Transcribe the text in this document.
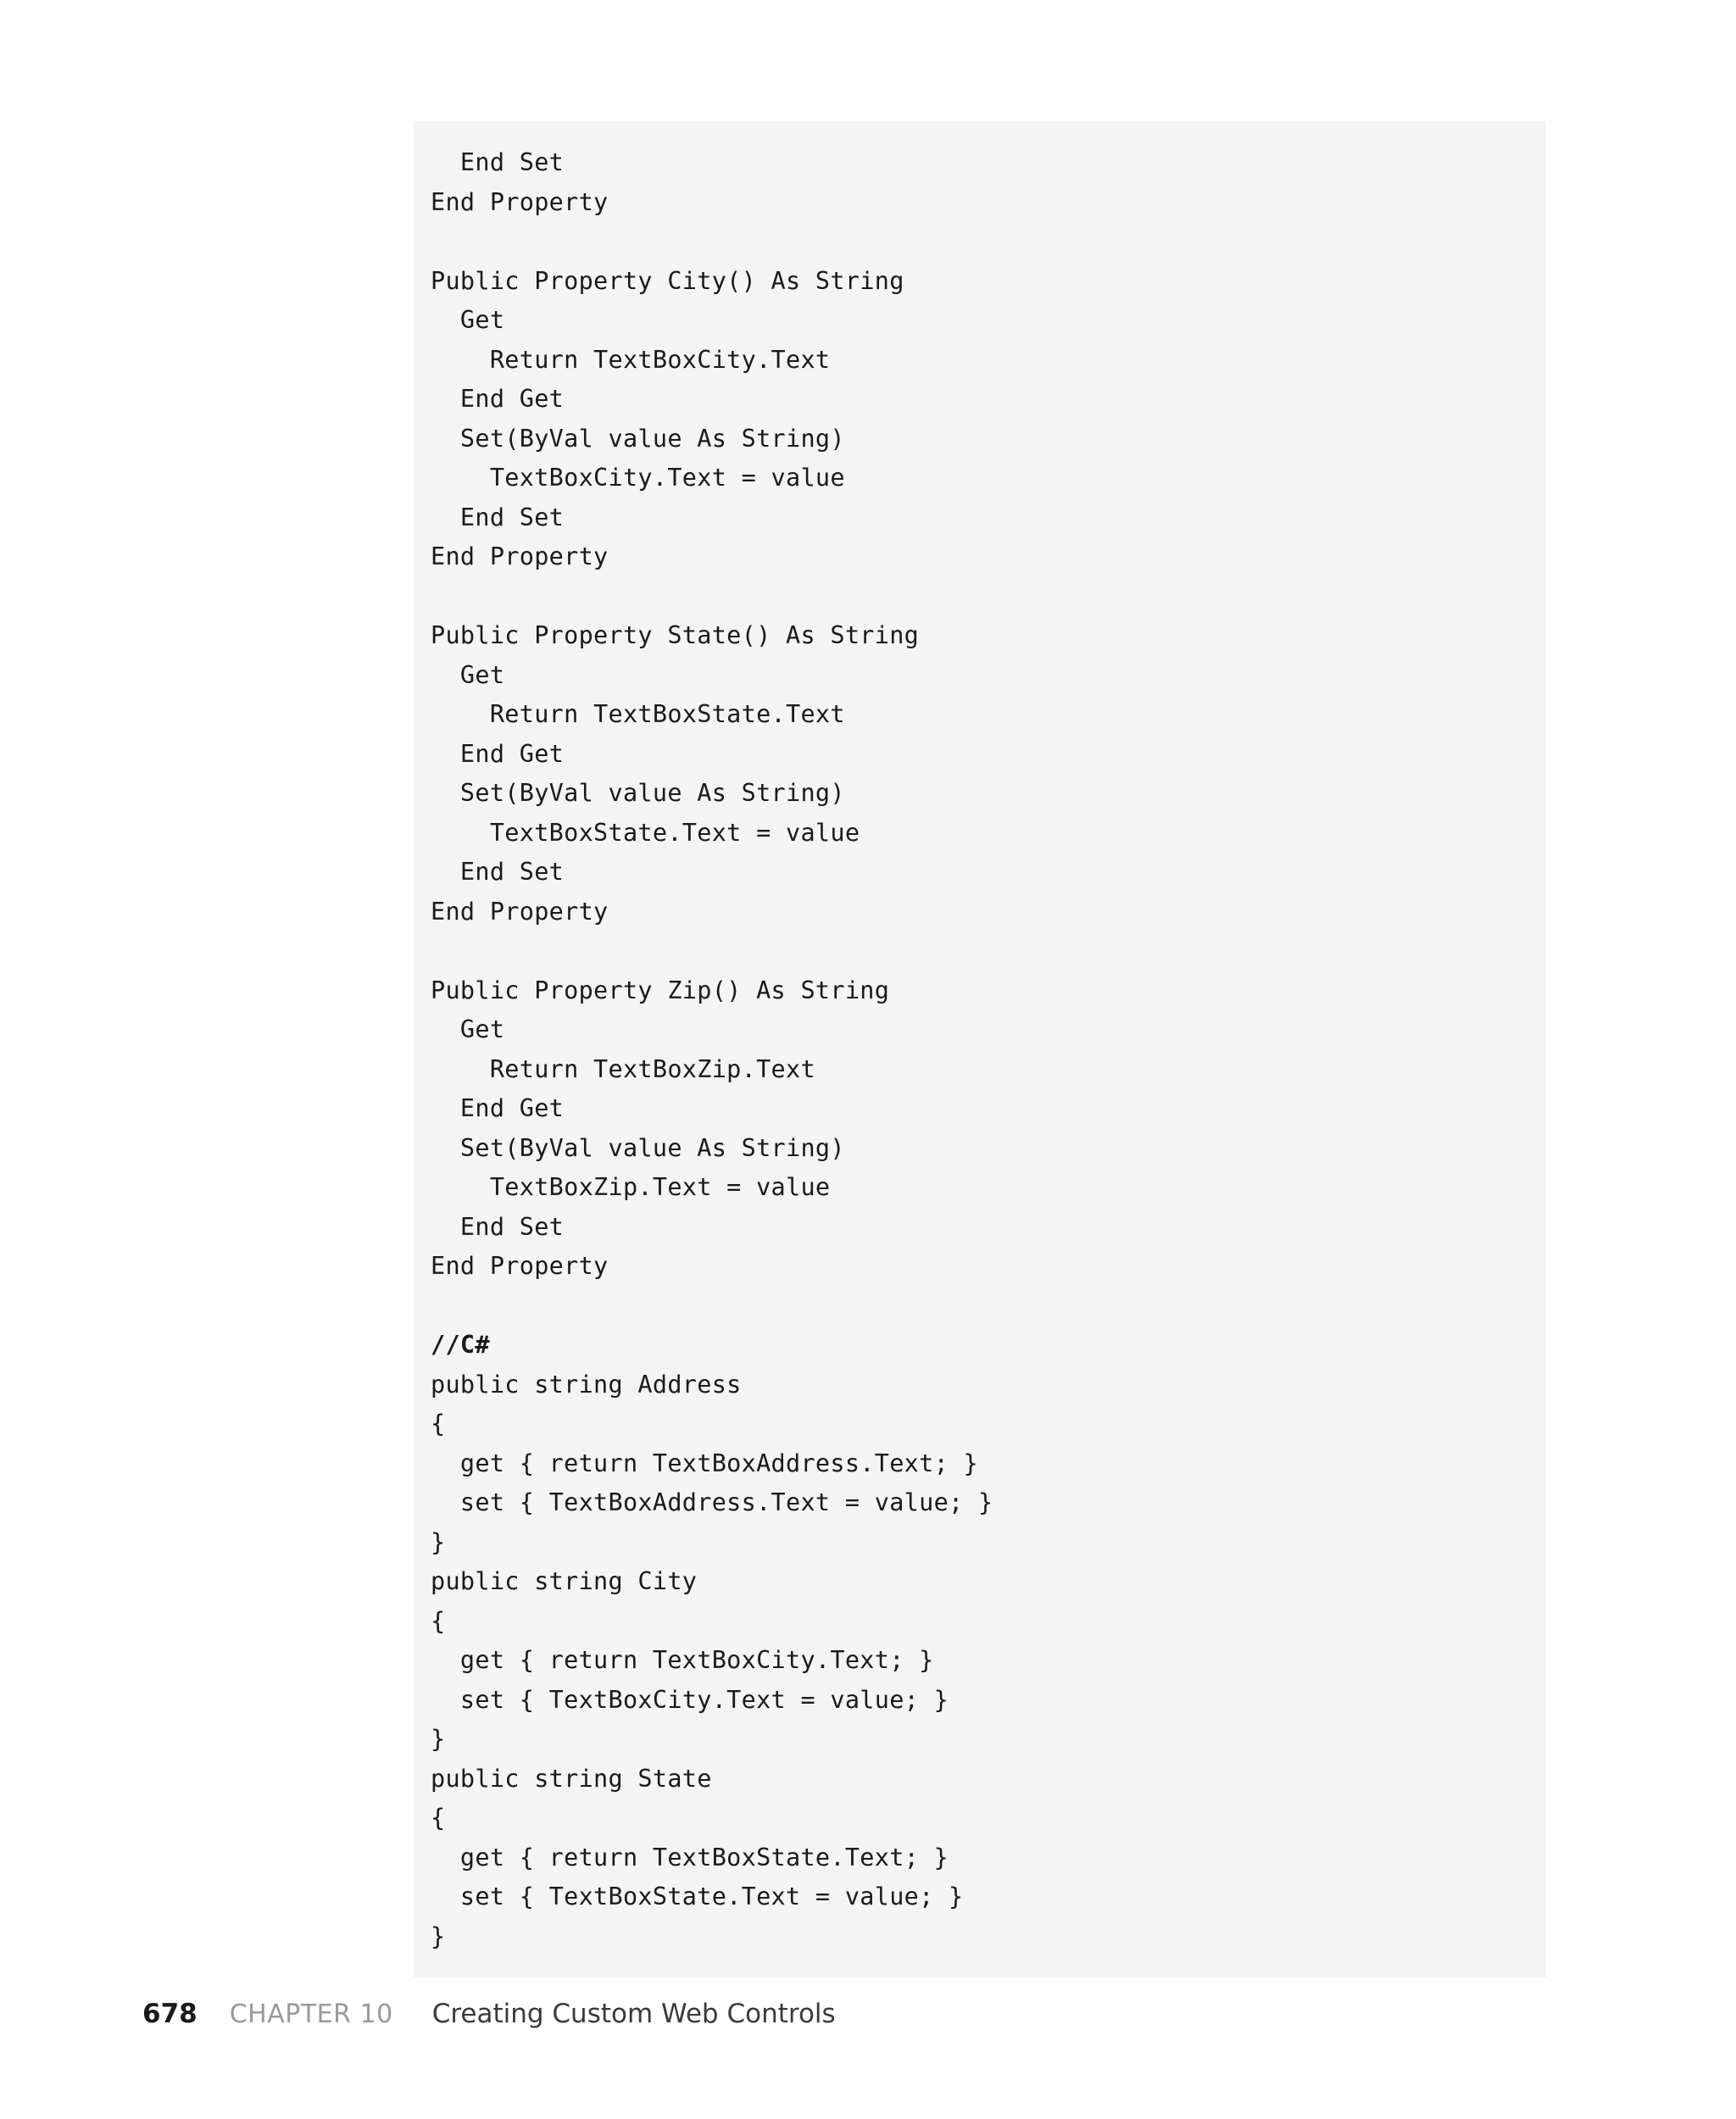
End Set
End Property
Public Property City() As String
Get
Return TextBoxCity.Text
End Get
Set(ByVal value As String)
TextBoxCity.Text = value
End Set
End Property
Public Property State() As String
Get
Return TextBoxState.Text
End Get
Set(ByVal value As String)
TextBoxState.Text = value
End Set
End Property
Public Property Zip() As String
Get
Return TextBoxZip.Text
End Get
Set(ByVal value As String)
TextBoxZip.Text = value
End Set
End Property
//C#
public string Address
{
get { return TextBoxAddress.Text; }
set { TextBoxAddress.Text = value; }
}
public string City
{
get { return TextBoxCity.Text; }
set { TextBoxCity.Text = value; }
}
public string State
{
get { return TextBoxState.Text; }
set { TextBoxState.Text = value; }
}
678 CHAPTER 10 Creating Custom Web Controls
